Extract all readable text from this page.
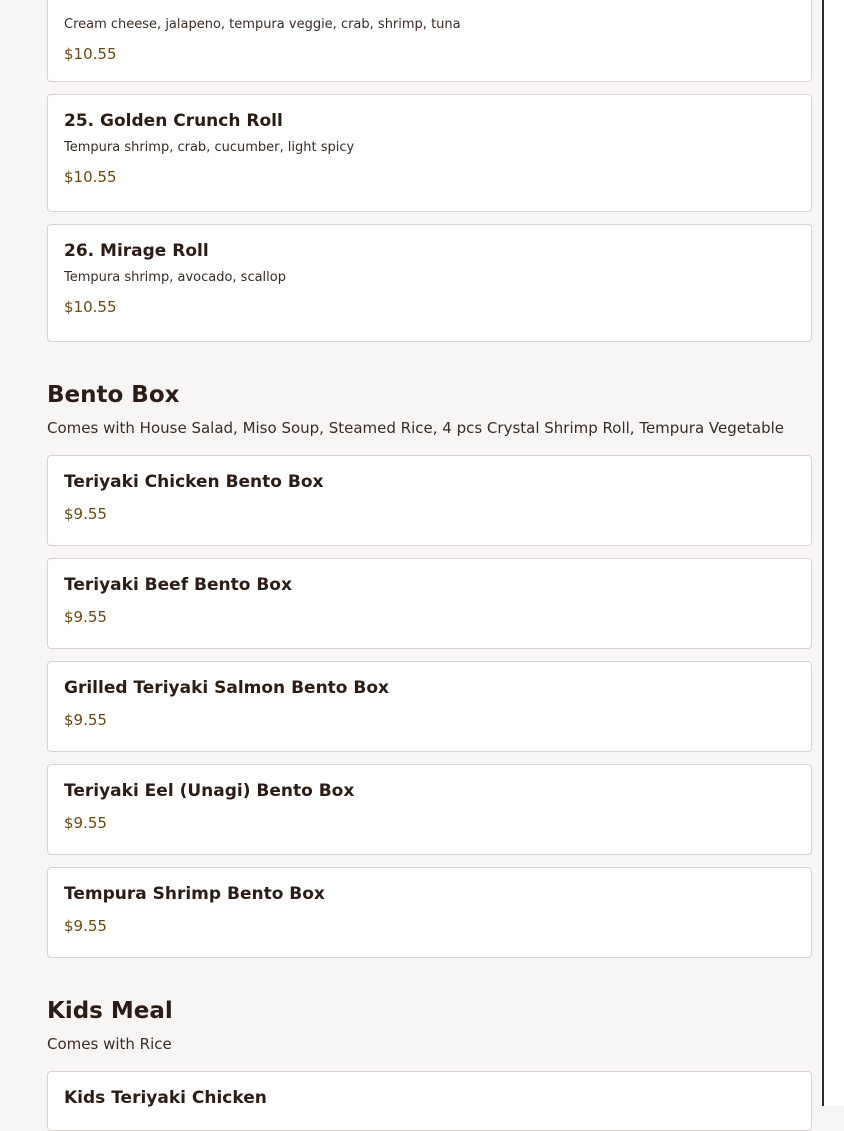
Cream cheese, jalapeno, tempura veggie, crab, shrimp, tuna
$10.55
25. Golden Crunch Roll
Tempura shrimp, crab, cucumber, light spicy
$10.55
26. Mirage Roll
Tempura shrimp, avocado, scallop
$10.55
Bento Box
Comes with House Salad, Miso Soup, Steamed Rice, 4 pcs Crystal Shrimp Roll, Tempura Vegetable
Teriyaki Chicken Bento Box
$9.55
Teriyaki Beef Bento Box
$9.55
Grilled Teriyaki Salmon Bento Box
$9.55
Teriyaki Eel (Unagi) Bento Box
$9.55
Tempura Shrimp Bento Box
$9.55
Kids Meal
Comes with Rice
Kids Teriyaki Chicken
